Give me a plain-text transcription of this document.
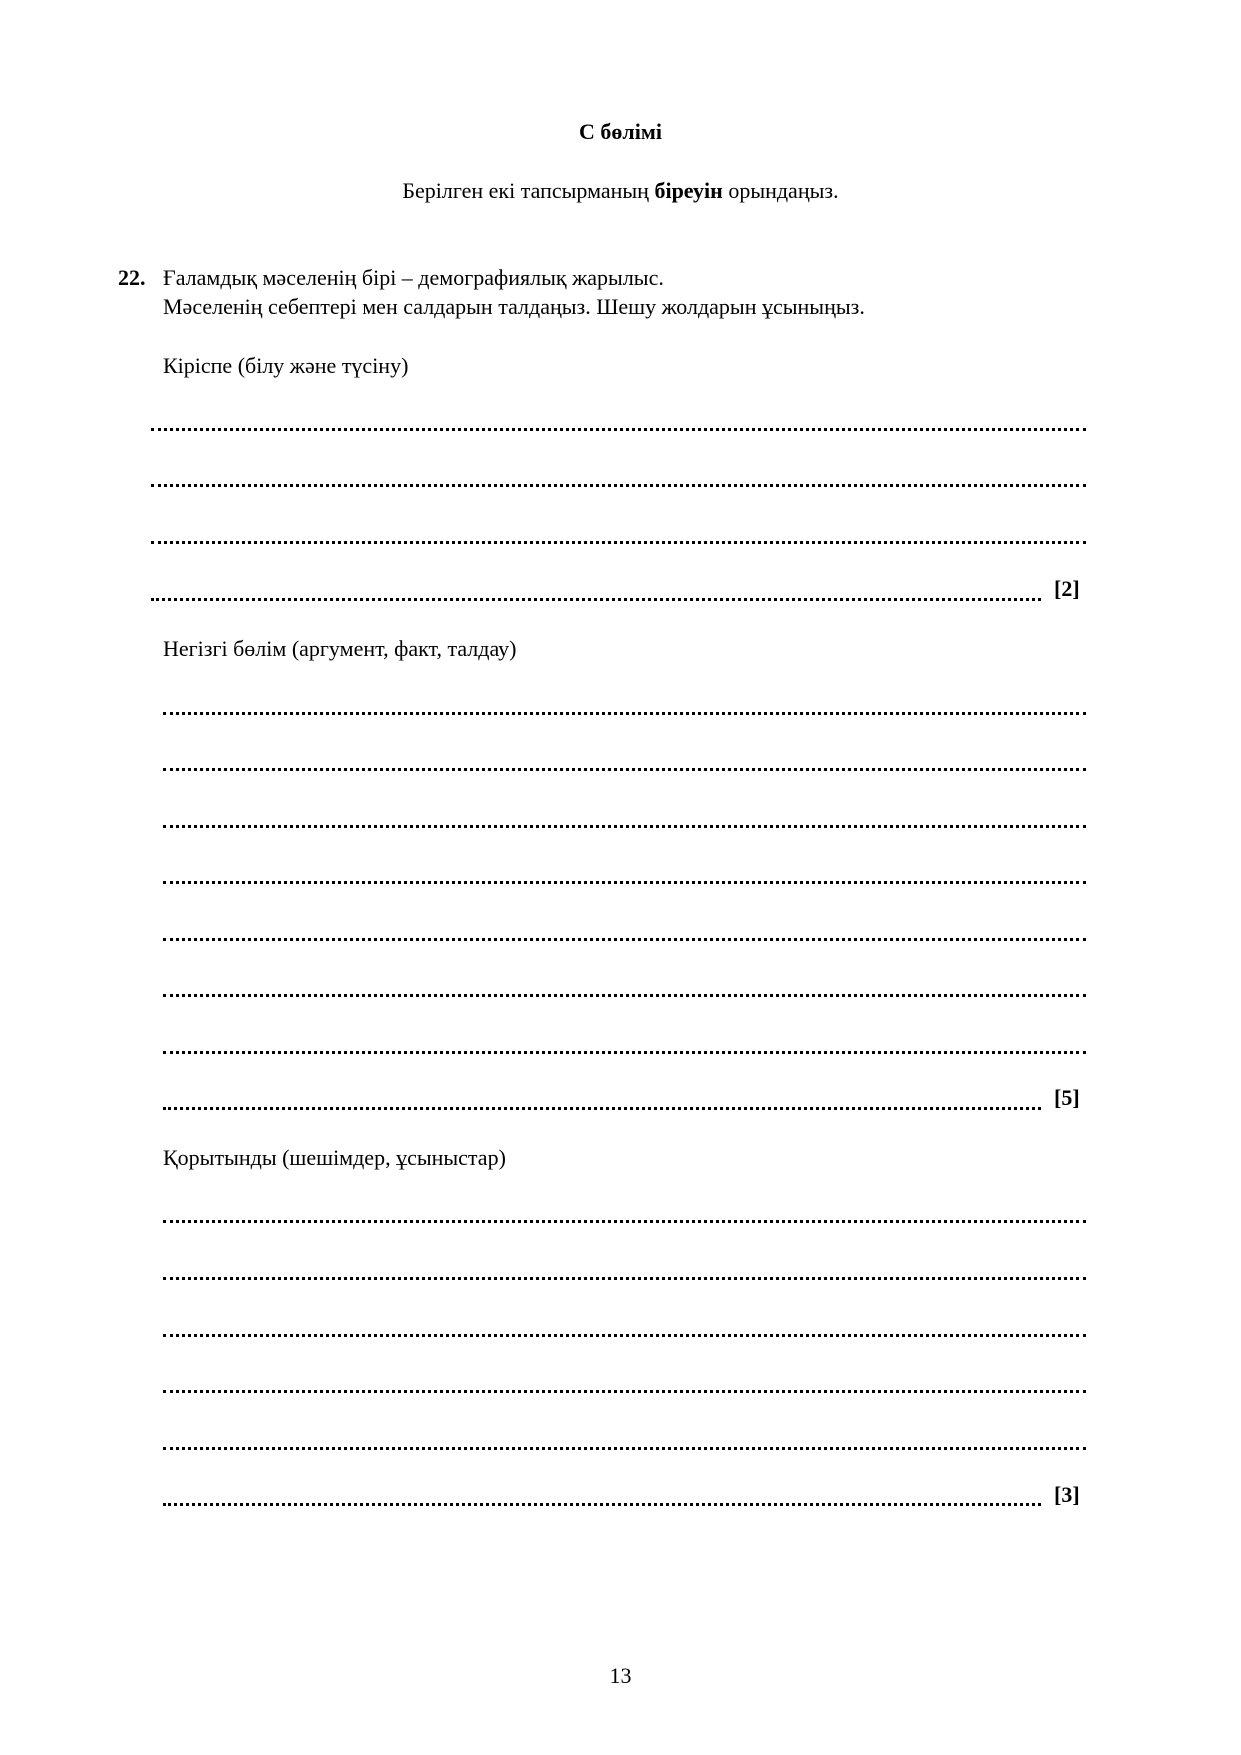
С бөлімі
Берілген екі тапсырманың біреуін орындаңыз.
22. Ғаламдық мәселенің бірі – демографиялық жарылыс.
Мәселенің себептері мен салдарын талдаңыз. Шешу жолдарын ұсыныңыз.
Кіріспе (білу және түсіну)
[2]
Негізгі бөлім (аргумент, факт, талдау)
[5]
Қорытынды (шешімдер, ұсыныстар)
[3]
13
